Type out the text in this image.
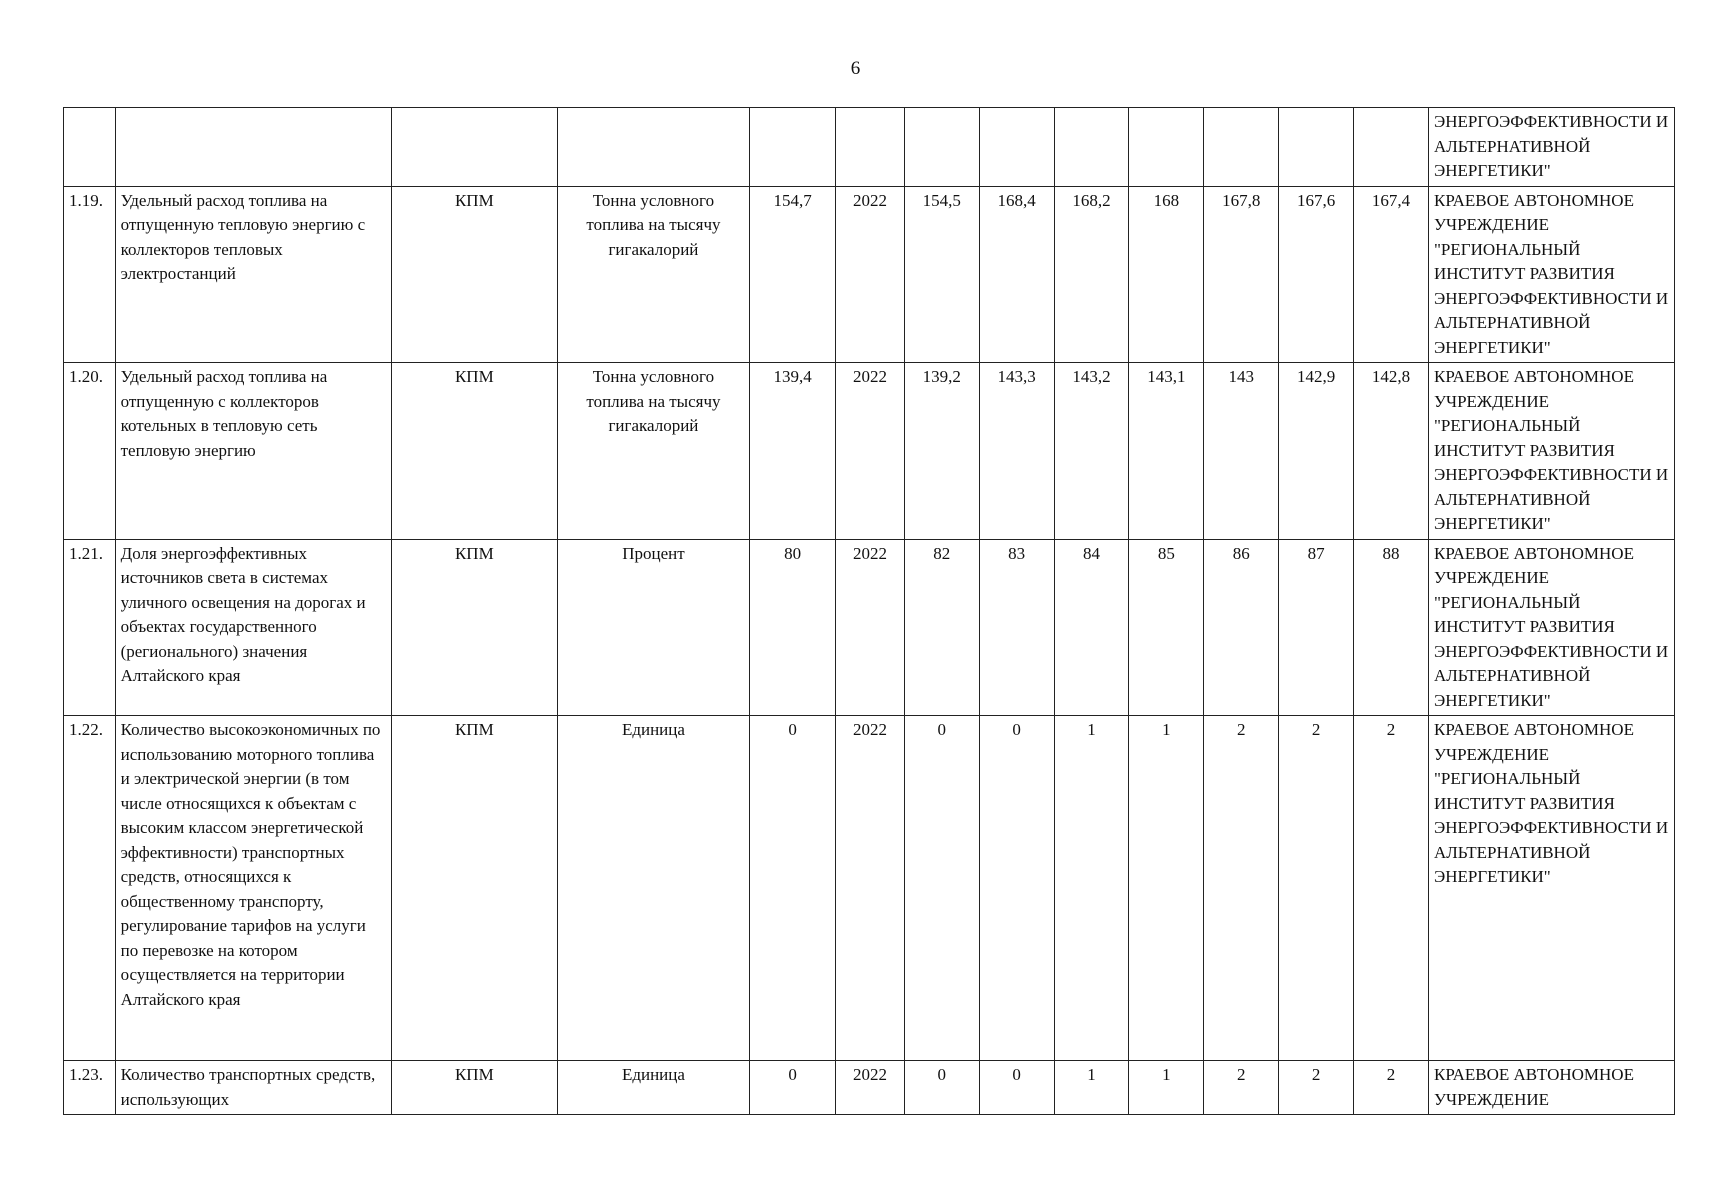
6
													ЭНЕРГОЭФФЕКТИВНОСТИ И АЛЬТЕРНАТИВНОЙ ЭНЕРГЕТИКИ"
1.19.	Удельный расход топлива на отпущенную тепловую энергию с коллекторов тепловых электростанций	КПМ	Тонна условного топлива на тысячу гигакалорий	154,7	2022	154,5	168,4	168,2	168	167,8	167,6	167,4	КРАЕВОЕ АВТОНОМНОЕ УЧРЕЖДЕНИЕ "РЕГИОНАЛЬНЫЙ ИНСТИТУТ РАЗВИТИЯ ЭНЕРГОЭФФЕКТИВНОСТИ И АЛЬТЕРНАТИВНОЙ ЭНЕРГЕТИКИ"
1.20.	Удельный расход топлива на отпущенную с коллекторов котельных в тепловую сеть тепловую энергию	КПМ	Тонна условного топлива на тысячу гигакалорий	139,4	2022	139,2	143,3	143,2	143,1	143	142,9	142,8	КРАЕВОЕ АВТОНОМНОЕ УЧРЕЖДЕНИЕ "РЕГИОНАЛЬНЫЙ ИНСТИТУТ РАЗВИТИЯ ЭНЕРГОЭФФЕКТИВНОСТИ И АЛЬТЕРНАТИВНОЙ ЭНЕРГЕТИКИ"
1.21.	Доля энергоэффективных источников света в системах уличного освещения на дорогах и объектах государственного (регионального) значения Алтайского края	КПМ	Процент	80	2022	82	83	84	85	86	87	88	КРАЕВОЕ АВТОНОМНОЕ УЧРЕЖДЕНИЕ "РЕГИОНАЛЬНЫЙ ИНСТИТУТ РАЗВИТИЯ ЭНЕРГОЭФФЕКТИВНОСТИ И АЛЬТЕРНАТИВНОЙ ЭНЕРГЕТИКИ"
1.22.	Количество высокоэкономичных по использованию моторного топлива и электрической энергии (в том числе относящихся к объектам с высоким классом энергетической эффективности) транспортных средств, относящихся к общественному транспорту, регулирование тарифов на услуги по перевозке на котором осуществляется на территории Алтайского края	КПМ	Единица	0	2022	0	0	1	1	2	2	2	КРАЕВОЕ АВТОНОМНОЕ УЧРЕЖДЕНИЕ "РЕГИОНАЛЬНЫЙ ИНСТИТУТ РАЗВИТИЯ ЭНЕРГОЭФФЕКТИВНОСТИ И АЛЬТЕРНАТИВНОЙ ЭНЕРГЕТИКИ"
1.23.	Количество транспортных средств, использующих	КПМ	Единица	0	2022	0	0	1	1	2	2	2	КРАЕВОЕ АВТОНОМНОЕ УЧРЕЖДЕНИЕ
